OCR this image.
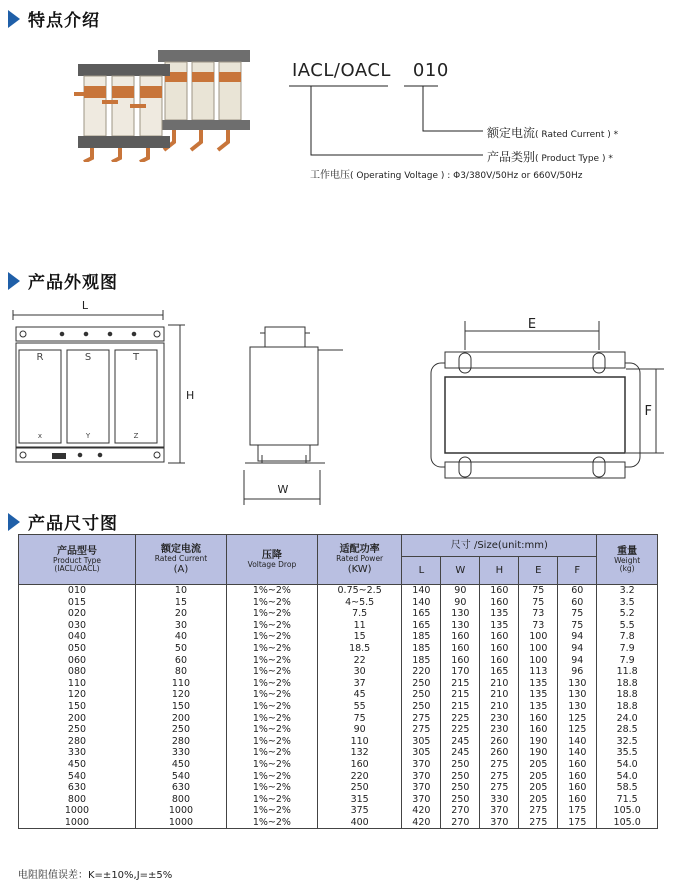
特点介绍
IACL/OACL 010
额定电流( Rated Current ) *
产品类别( Product Type ) *
工作电压( Operating Voltage ) : Φ3/380V/50Hz or 660V/50Hz
产品外观图
L
H
W
E
F
R	S	T
x	Y	Z
产品尺寸图
产品型号
Product Type
(IACL/OACL)	额定电流
Rated Current
(A)	压降
Voltage Drop	适配功率
Rated Power
(KW)	尺寸 /Size(unit:mm)					重量
Weight
(kg)

				L	W	H	E	F	
010	10	1%~2%	0.75~2.5	140	90	160	75	60	3.2
015	15	1%~2%	4~5.5	140	90	160	75	60	3.5
020	20	1%~2%	7.5	165	130	135	73	75	5.2
030	30	1%~2%	11	165	130	135	73	75	5.5
040	40	1%~2%	15	185	160	160	100	94	7.8
050	50	1%~2%	18.5	185	160	160	100	94	7.9
060	60	1%~2%	22	185	160	160	100	94	7.9
080	80	1%~2%	30	220	170	165	113	96	11.8
110	110	1%~2%	37	250	215	210	135	130	18.8
120	120	1%~2%	45	250	215	210	135	130	18.8
150	150	1%~2%	55	250	215	210	135	130	18.8
200	200	1%~2%	75	275	225	230	160	125	24.0
250	250	1%~2%	90	275	225	230	160	125	28.5
280	280	1%~2%	110	305	245	260	190	140	32.5
330	330	1%~2%	132	305	245	260	190	140	35.5
450	450	1%~2%	160	370	250	275	205	160	54.0
540	540	1%~2%	220	370	250	275	205	160	54.0
630	630	1%~2%	250	370	250	275	205	160	58.5
800	800	1%~2%	315	370	250	330	205	160	71.5
1000	1000	1%~2%	375	420	270	370	275	175	105.0
1000	1000	1%~2%	400	420	270	370	275	175	105.0
电阻阻值误差：K=±10%,J=±5%
